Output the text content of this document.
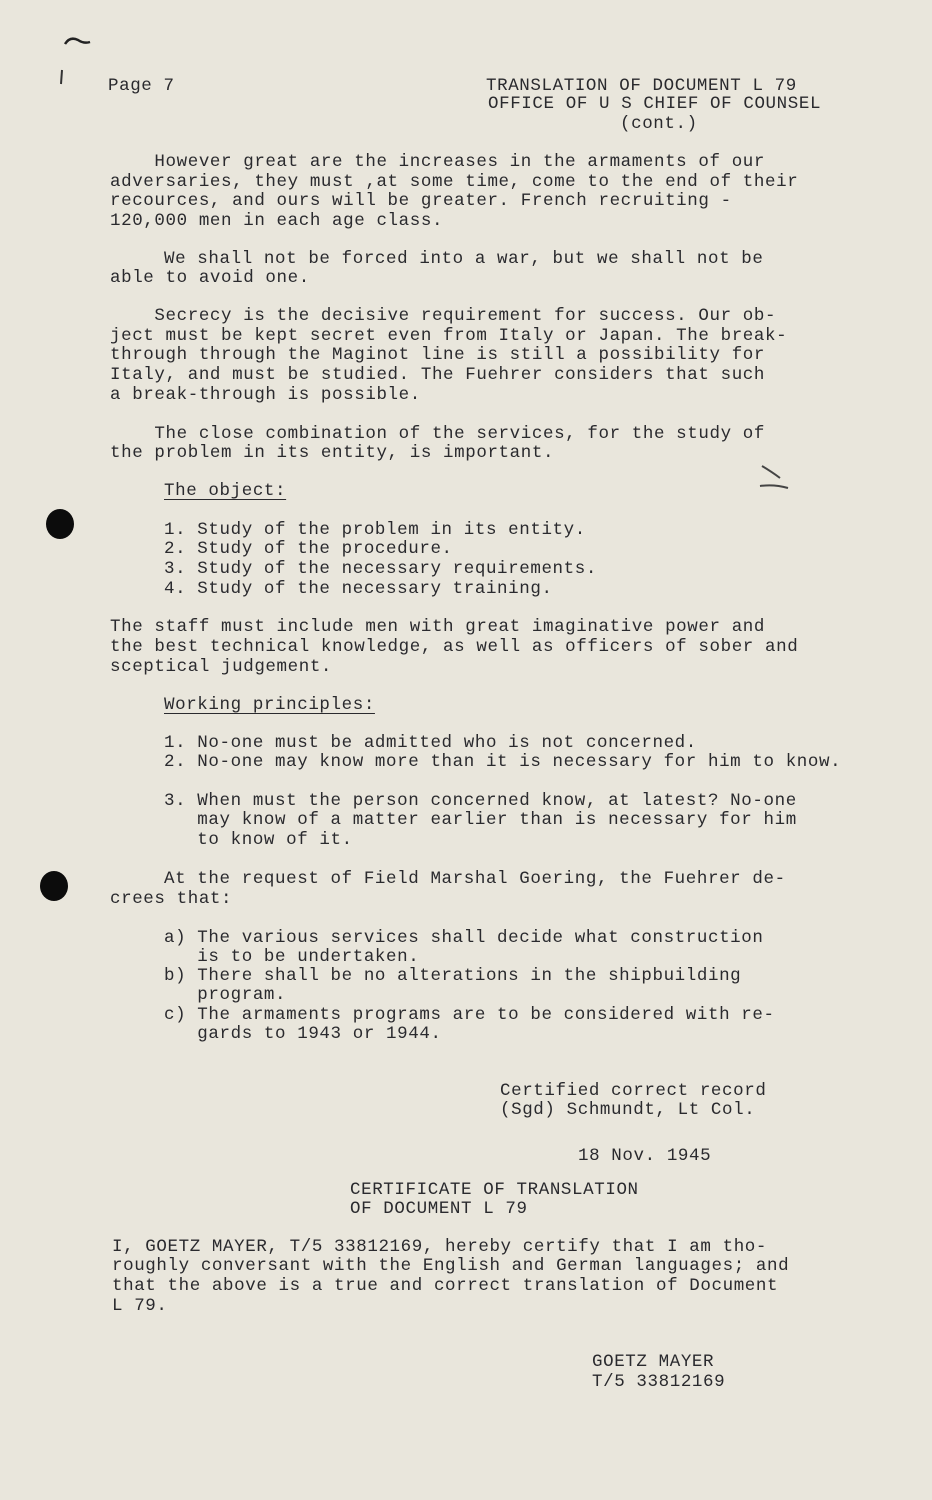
Page 7	TRANSLATION OF DOCUMENT L 79
OFFICE OF U S CHIEF OF COUNSEL
(cont.)
However great are the increases in the armaments of our
adversaries, they must ,at some time, come to the end of their
recources, and ours will be greater. French recruiting -
120,000 men in each age class.
We shall not be forced into a war, but we shall not be
able to avoid one.
Secrecy is the decisive requirement for success. Our ob-
ject must be kept secret even from Italy or Japan. The break-
through through the Maginot line is still a possibility for
Italy, and must be studied. The Fuehrer considers that such
a break-through is possible.
The close combination of the services, for the study of
the problem in its entity, is important.
The object:
1. Study of the problem in its entity.
2. Study of the procedure.
3. Study of the necessary requirements.
4. Study of the necessary training.
The staff must include men with great imaginative power and
the best technical knowledge, as well as officers of sober and
sceptical judgement.
Working principles:
1. No-one must be admitted who is not concerned.
2. No-one may know more than it is necessary for him to know.
3. When must the person concerned know, at latest? No-one
may know of a matter earlier than is necessary for him
to know of it.
At the request of Field Marshal Goering, the Fuehrer de-
crees that:
a) The various services shall decide what construction
is to be undertaken.
b) There shall be no alterations in the shipbuilding
program.
c) The armaments programs are to be considered with re-
gards to 1943 or 1944.
Certified correct record
(Sgd) Schmundt, Lt Col.
18 Nov. 1945
CERTIFICATE OF TRANSLATION
OF DOCUMENT L 79
I, GOETZ MAYER, T/5 33812169, hereby certify that I am tho-
roughly conversant with the English and German languages; and
that the above is a true and correct translation of Document
L 79.
GOETZ MAYER
T/5 33812169
